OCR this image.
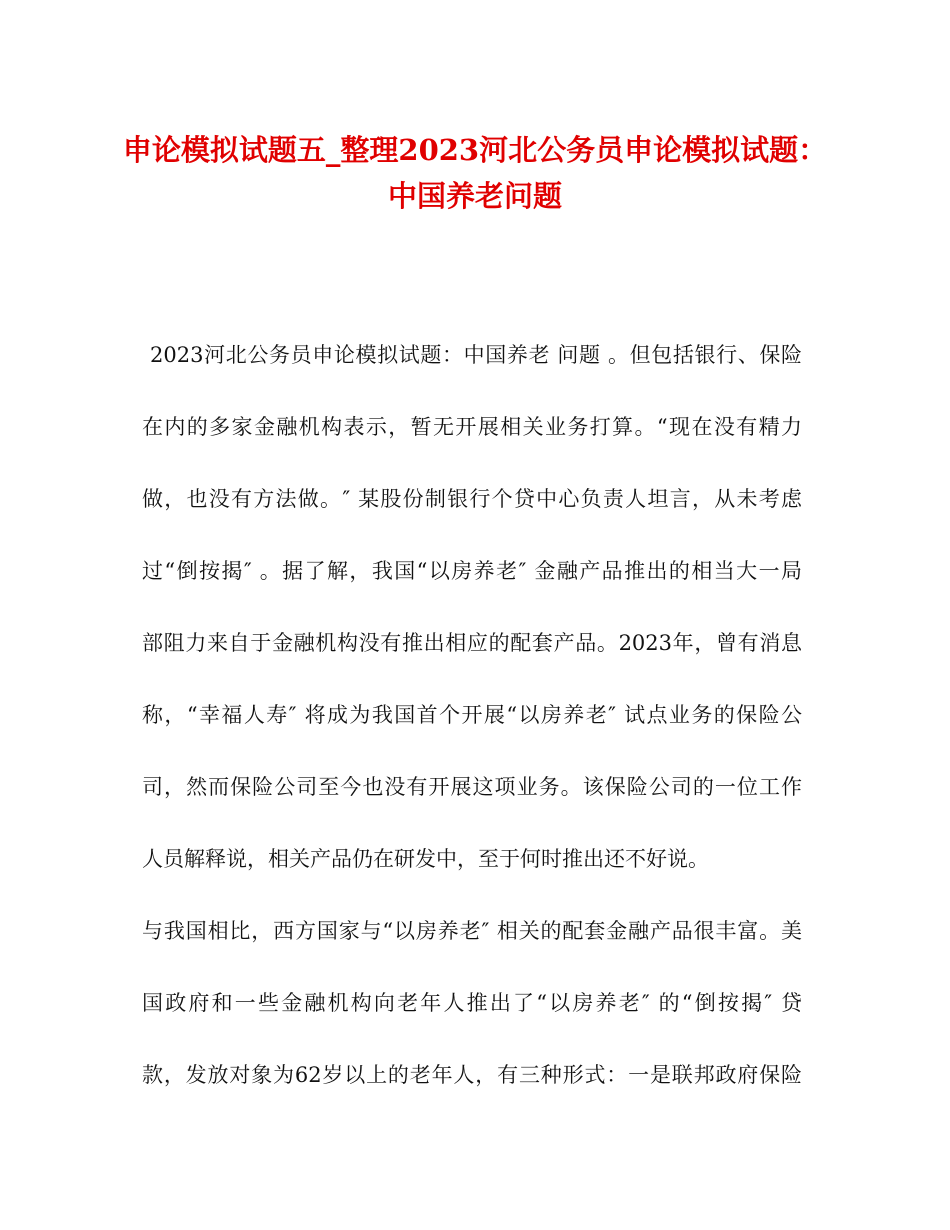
申论模拟试题五_整理2023河北公务员申论模拟试题：
中国养老问题
2023河北公务员申论模拟试题：中国养老 问题 。但包括银行、保险
在内的多家金融机构表示，暂无开展相关业务打算。“现在没有精力
做，也没有方法做。″ 某股份制银行个贷中心负责人坦言，从未考虑
过“倒按揭″ 。据了解，我国“以房养老″ 金融产品推出的相当大一局
部阻力来自于金融机构没有推出相应的配套产品。2023年，曾有消息
称，“幸福人寿″ 将成为我国首个开展“以房养老″ 试点业务的保险公
司，然而保险公司至今也没有开展这项业务。该保险公司的一位工作
人员解释说，相关产品仍在研发中，至于何时推出还不好说。
与我国相比，西方国家与“以房养老″ 相关的配套金融产品很丰富。美
国政府和一些金融机构向老年人推出了“以房养老″ 的“倒按揭″ 贷
款，发放对象为62岁以上的老年人，有三种形式：一是联邦政府保险
